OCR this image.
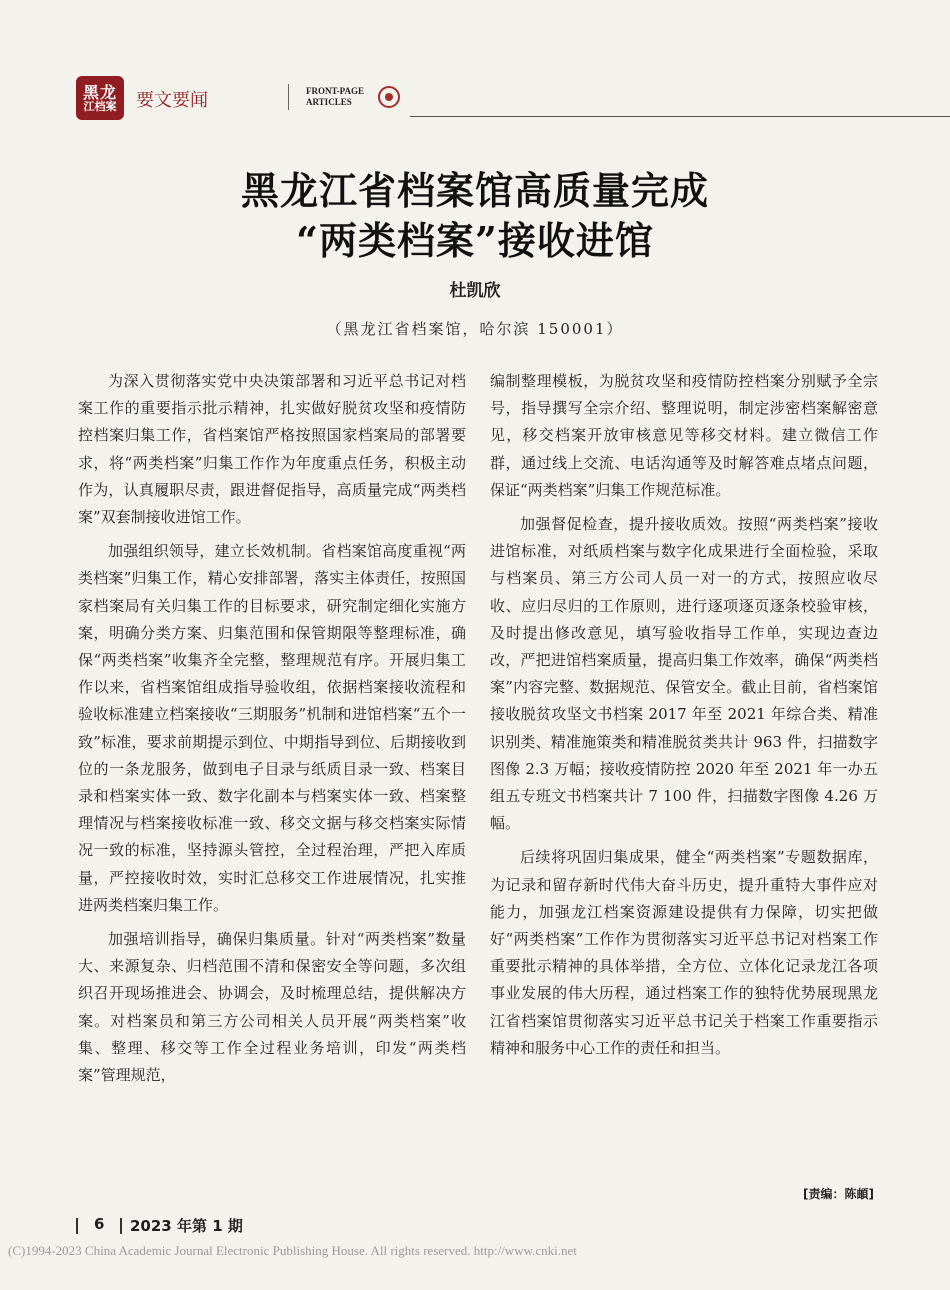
黑龙
江档案 要文要闻	FRONT-PAGE
ARTICLES
黑龙江省档案馆高质量完成
“两类档案”接收进馆
杜凯欣
（黑龙江省档案馆，哈尔滨 150001）

为深入贯彻落实党中央决策部署和习近平总书记对档案工作的重要指示批示精神，扎实做好脱贫攻坚和疫情防控档案归集工作，省档案馆严格按照国家档案局的部署要求，将“两类档案”归集工作作为年度重点任务，积极主动作为，认真履职尽责，跟进督促指导，高质量完成“两类档案”双套制接收进馆工作。

加强组织领导，建立长效机制。省档案馆高度重视“两类档案”归集工作，精心安排部署，落实主体责任，按照国家档案局有关归集工作的目标要求，研究制定细化实施方案，明确分类方案、归集范围和保管期限等整理标准，确保“两类档案”收集齐全完整，整理规范有序。开展归集工作以来，省档案馆组成指导验收组，依据档案接收流程和验收标准建立档案接收“三期服务”机制和进馆档案“五个一致”标准，要求前期提示到位、中期指导到位、后期接收到位的一条龙服务，做到电子目录与纸质目录一致、档案目录和档案实体一致、数字化副本与档案实体一致、档案整理情况与档案接收标准一致、移交文据与移交档案实际情况一致的标准，坚持源头管控，全过程治理，严把入库质量，严控接收时效，实时汇总移交工作进展情况，扎实推进两类档案归集工作。

加强培训指导，确保归集质量。针对“两类档案”数量大、来源复杂、归档范围不清和保密安全等问题，多次组织召开现场推进会、协调会，及时梳理总结，提供解决方案。对档案员和第三方公司相关人员开展“两类档案”收集、整理、移交等工作全过程业务培训，印发“两类档案”管理规范，

编制整理模板，为脱贫攻坚和疫情防控档案分别赋予全宗号，指导撰写全宗介绍、整理说明，制定涉密档案解密意见，移交档案开放审核意见等移交材料。建立微信工作群，通过线上交流、电话沟通等及时解答难点堵点问题，保证“两类档案”归集工作规范标准。

加强督促检查，提升接收质效。按照“两类档案”接收进馆标准，对纸质档案与数字化成果进行全面检验，采取与档案员、第三方公司人员一对一的方式，按照应收尽收、应归尽归的工作原则，进行逐项逐页逐条校验审核，及时提出修改意见，填写验收指导工作单，实现边查边改，严把进馆档案质量，提高归集工作效率，确保“两类档案”内容完整、数据规范、保管安全。截止目前，省档案馆接收脱贫攻坚文书档案 2017 年至 2021 年综合类、精准识别类、精准施策类和精准脱贫类共计 963 件，扫描数字图像 2.3 万幅；接收疫情防控 2020 年至 2021 年一办五组五专班文书档案共计 7 100 件，扫描数字图像 4.26 万幅。

后续将巩固归集成果，健全“两类档案”专题数据库，为记录和留存新时代伟大奋斗历史，提升重特大事件应对能力，加强龙江档案资源建设提供有力保障，切实把做好“两类档案”工作作为贯彻落实习近平总书记对档案工作重要批示精神的具体举措，全方位、立体化记录龙江各项事业发展的伟大历程，通过档案工作的独特优势展现黑龙江省档案馆贯彻落实习近平总书记关于档案工作重要指示精神和服务中心工作的责任和担当。

[责编：陈頔]
6 2023 年第 1 期
(C)1994-2023 China Academic Journal Electronic Publishing House. All rights reserved. http://www.cnki.net
